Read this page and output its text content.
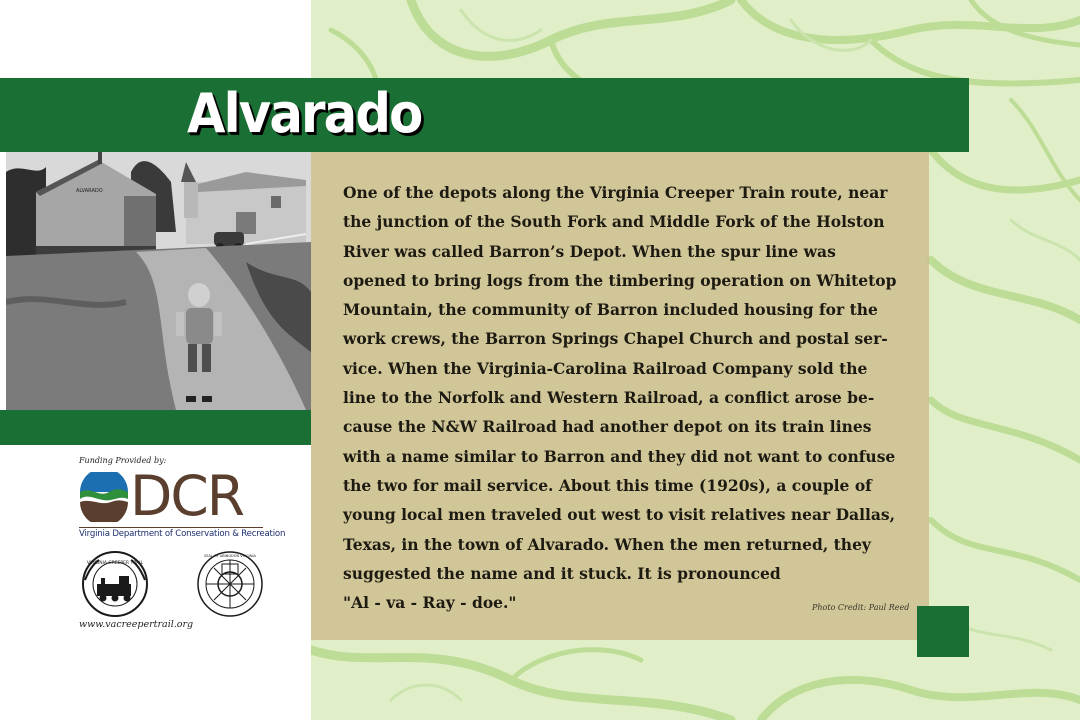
Alvarado
ALVARADO	One of the depots along the Virginia Creeper Train route, near
the junction of the South Fork and Middle Fork of the Holston
River was called Barron’s Depot. When the spur line was
opened to bring logs from the timbering operation on Whitetop
Mountain, the community of Barron included housing for the
work crews, the Barron Springs Chapel Church and postal ser-
vice. When the Virginia-Carolina Railroad Company sold the
line to the Norfolk and Western Railroad, a conflict arose be-
cause the N&W Railroad had another depot on its train lines
with a name similar to Barron and they did not want to confuse
the two for mail service. About this time (1920s), a couple of
young local men traveled out west to visit relatives near Dallas,
Texas, in the town of Alvarado. When the men returned, they
suggested the name and it stuck. It is pronounced
"Al - va - Ray - doe."	Photo Credit: Paul Reed
Funding Provided by:
DCR
Virginia Department of Conservation & Recreation
VIRGINIA CREEPER TRAIL
SEAL OF ABINGDON VIRGINIA
www.vacreepertrail.org
